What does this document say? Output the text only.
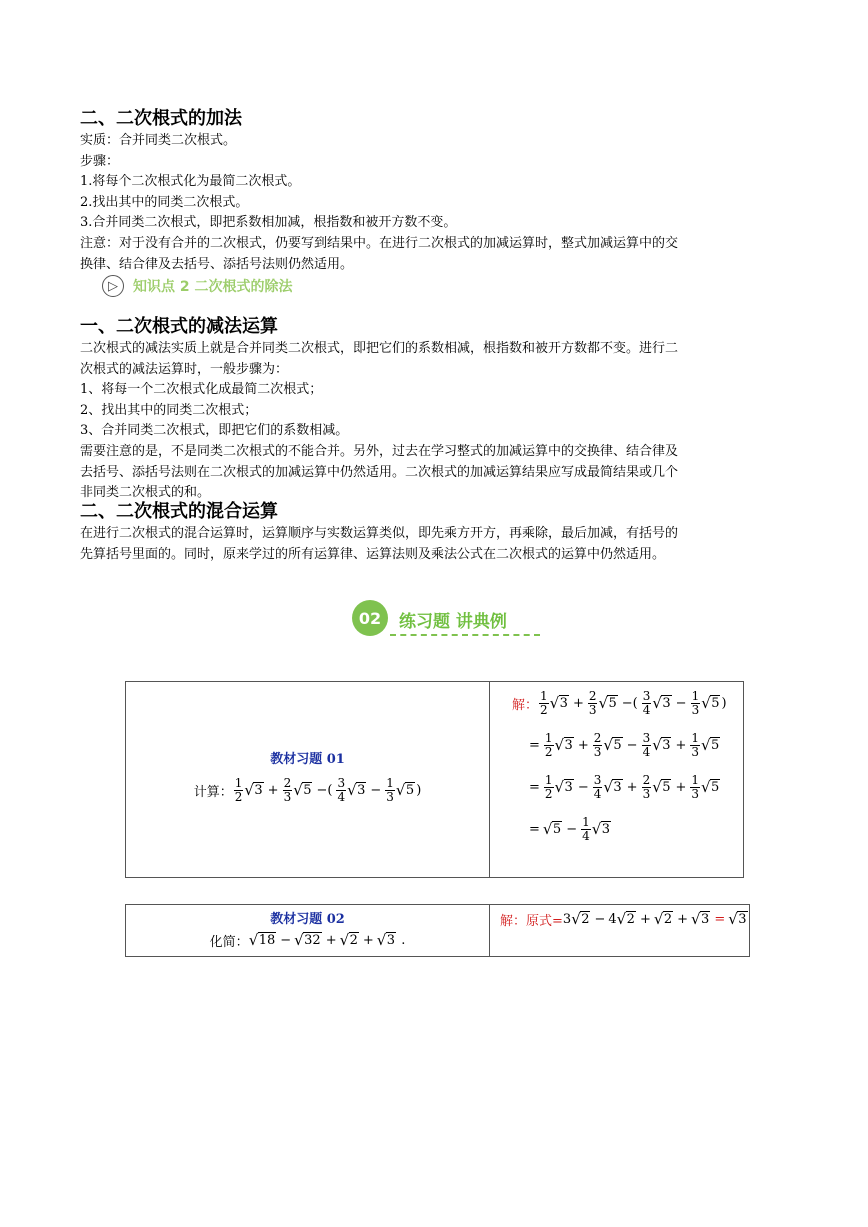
二、二次根式的加法
实质：合并同类二次根式。
步骤：
1.将每个二次根式化为最简二次根式。
2.找出其中的同类二次根式。
3.合并同类二次根式，即把系数相加减，根指数和被开方数不变。
注意：对于没有合并的二次根式，仍要写到结果中。在进行二次根式的加减运算时，整式加减运算中的交
换律、结合律及去括号、添括号法则仍然适用。
▷	知识点 2 二次根式的除法
一、二次根式的减法运算
二次根式的减法实质上就是合并同类二次根式，即把它们的系数相减，根指数和被开方数都不变。进行二
次根式的减法运算时，一般步骤为：
1、将每一个二次根式化成最简二次根式；
2、找出其中的同类二次根式；
3、合并同类二次根式，即把它们的系数相减。
需要注意的是，不是同类二次根式的不能合并。另外，过去在学习整式的加减运算中的交换律、结合律及
去括号、添括号法则在二次根式的加减运算中仍然适用。二次根式的加减运算结果应写成最简结果或几个
非同类二次根式的和。
二、二次根式的混合运算
在进行二次根式的混合运算时，运算顺序与实数运算类似，即先乘方开方，再乘除，最后加减，有括号的
先算括号里面的。同时，原来学过的所有运算律、运算法则及乘法公式在二次根式的运算中仍然适用。
02	练习题 讲典例
教材习题 01
计算： $\frac{1}{2}$ √ $3 + \frac{2}{3}$ √ 5 −( $\frac{3}{4}$ √ $3 - \frac{1}{3}$ √ 5 )

解： $\frac{1}{2}$ √ $3 + \frac{2}{3}$ √ 5 −( $\frac{3}{4}$ √ $3 - \frac{1}{3}$ √ 5 )
= $\frac{1}{2}$ √ $3 + \frac{2}{3}$ √ $5 - \frac{3}{4}$ √ $3 + \frac{1}{3}$ √ 5
= $\frac{1}{2}$ √ $3 - \frac{3}{4}$ √ $3 + \frac{2}{3}$ √ $5 + \frac{1}{3}$ √ 5
=	√ $5 - \frac{1}{4}$ √ 3
教材习题 02
化简： √ 18 −	√ 32 +	√ 2 +	√ 3 .

解：原式= 3 √ 2 − 4 √ 2 +	√ 2 +	√ 3 =	√ 3
